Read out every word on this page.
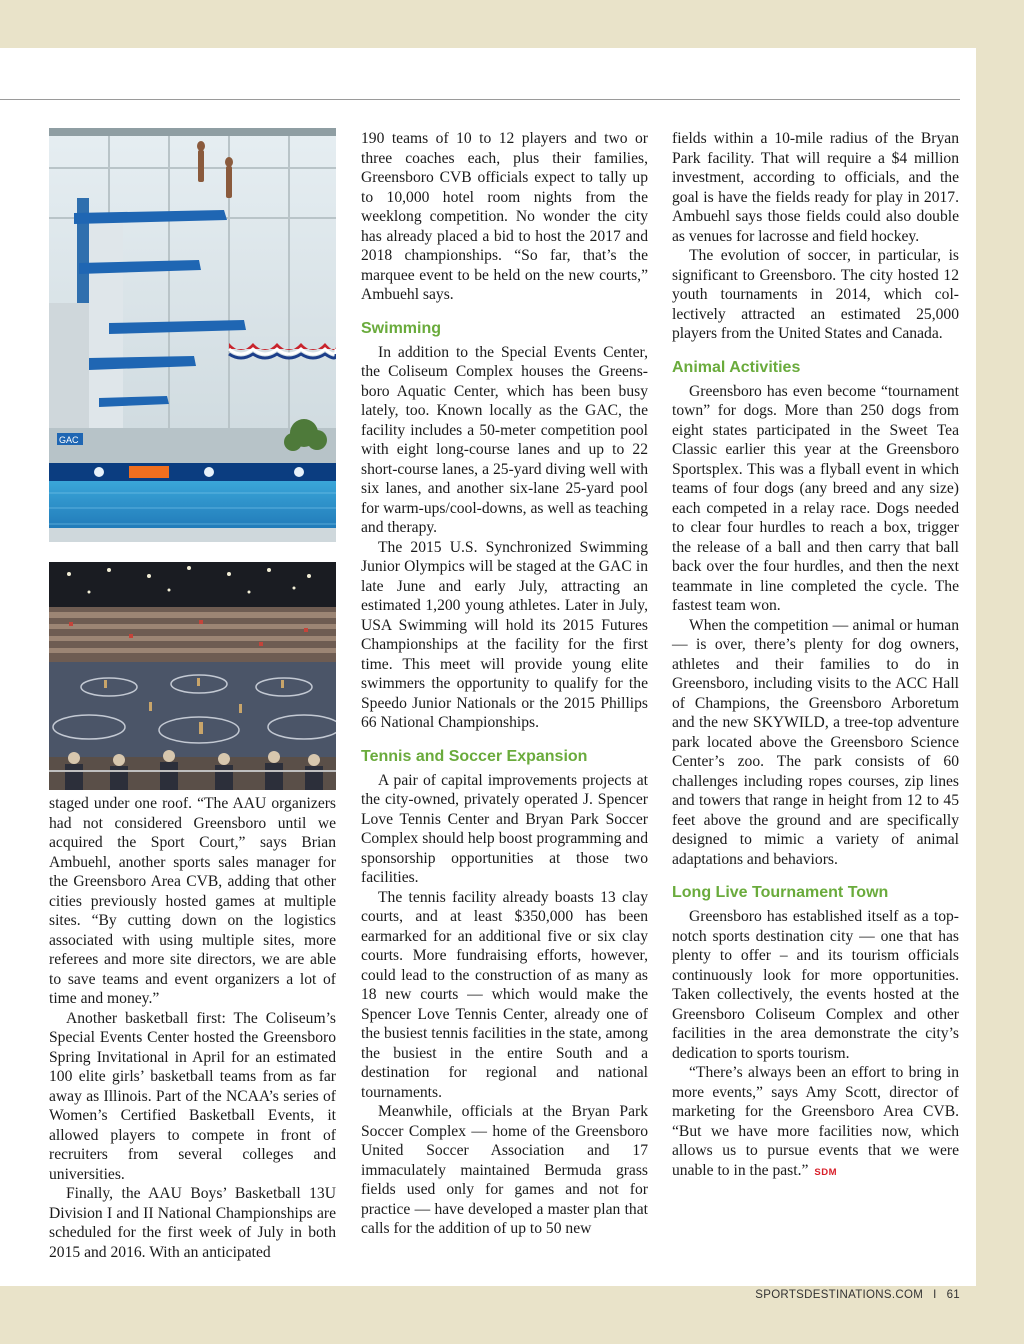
GAC

staged under one roof. “The AAU organizers had not considered Greensboro until we acquired the Sport Court,” says Brian Ambuehl, another sports sales manager for the Greensboro Area CVB, adding that other cities previously hosted games at multiple sites. “By cutting down on the logistics associated with using multiple sites, more referees and more site directors, we are able to save teams and event organizers a lot of time and money.”

Another basketball first: The Coliseum’s Special Events Center hosted the Greensboro Spring Invitational in April for an estimated 100 elite girls’ basketball teams from as far away as Illinois. Part of the NCAA’s series of Women’s Certified Basketball Events, it allowed players to compete in front of recruiters from several colleges and universities.

Finally, the AAU Boys’ Basketball 13U Division I and II National Championships are scheduled for the first week of July in both 2015 and 2016. With an anticipated

190 teams of 10 to 12 players and two or three coaches each, plus their families, Greensboro CVB officials expect to tally up to 10,000 hotel room nights from the weeklong competition. No wonder the city has already placed a bid to host the 2017 and 2018 championships. “So far, that’s the marquee event to be held on the new courts,” Ambuehl says.

Swimming

In addition to the Special Events Center, the Coliseum Complex houses the Greensboro Aquatic Center, which has been busy lately, too. Known locally as the GAC, the facility includes a 50-meter competition pool with eight long-course lanes and up to 22 short-course lanes, a 25-yard diving well with six lanes, and another six-lane 25-yard pool for warm-ups/cool-downs, as well as teaching and therapy.

The 2015 U.S. Synchronized Swimming Junior Olympics will be staged at the GAC in late June and early July, attracting an estimated 1,200 young athletes. Later in July, USA Swimming will hold its 2015 Futures Championships at the facility for the first time. This meet will provide young elite swimmers the opportunity to qualify for the Speedo Junior Nationals or the 2015 Phillips 66 National Championships.

Tennis and Soccer Expansion

A pair of capital improvements projects at the city-owned, privately operated J. Spencer Love Tennis Center and Bryan Park Soccer Complex should help boost programming and sponsorship opportunities at those two facilities.

The tennis facility already boasts 13 clay courts, and at least $350,000 has been earmarked for an additional five or six clay courts. More fundraising efforts, however, could lead to the construction of as many as 18 new courts — which would make the Spencer Love Tennis Center, already one of the busiest tennis facilities in the state, among the busiest in the entire South and a destination for regional and national tournaments.

Meanwhile, officials at the Bryan Park Soccer Complex — home of the Greensboro United Soccer Association and 17 immaculately maintained Bermuda grass fields used only for games and not for practice — have developed a master plan that calls for the addition of up to 50 new

fields within a 10-mile radius of the Bryan Park facility. That will require a $4 million investment, according to officials, and the goal is have the fields ready for play in 2017. Ambuehl says those fields could also double as venues for lacrosse and field hockey.

The evolution of soccer, in particular, is significant to Greensboro. The city hosted 12 youth tournaments in 2014, which collectively attracted an estimated 25,000 players from the United States and Canada.

Animal Activities

Greensboro has even become “tournament town” for dogs. More than 250 dogs from eight states participated in the Sweet Tea Classic earlier this year at the Greensboro Sportsplex. This was a flyball event in which teams of four dogs (any breed and any size) each competed in a relay race. Dogs needed to clear four hurdles to reach a box, trigger the release of a ball and then carry that ball back over the four hurdles, and then the next teammate in line completed the cycle. The fastest team won.

When the competition — animal or human — is over, there’s plenty for dog owners, athletes and their families to do in Greensboro, including visits to the ACC Hall of Champions, the Greensboro Arboretum and the new SKYWILD, a tree-top adventure park located above the Greensboro Science Center’s zoo. The park consists of 60 challenges including ropes courses, zip lines and towers that range in height from 12 to 45 feet above the ground and are specifically designed to mimic a variety of animal adaptations and behaviors.

Long Live Tournament Town

Greensboro has established itself as a top-notch sports destination city — one that has plenty to offer – and its tourism officials continuously look for more opportunities. Taken collectively, the events hosted at the Greensboro Coliseum Complex and other facilities in the area demonstrate the city’s dedication to sports tourism.

“There’s always been an effort to bring in more events,” says Amy Scott, director of marketing for the Greensboro Area CVB. “But we have more facilities now, which allows us to pursue events that we were unable to in the past.” SDM

SPORTSDESTINATIONS.COM I 61
